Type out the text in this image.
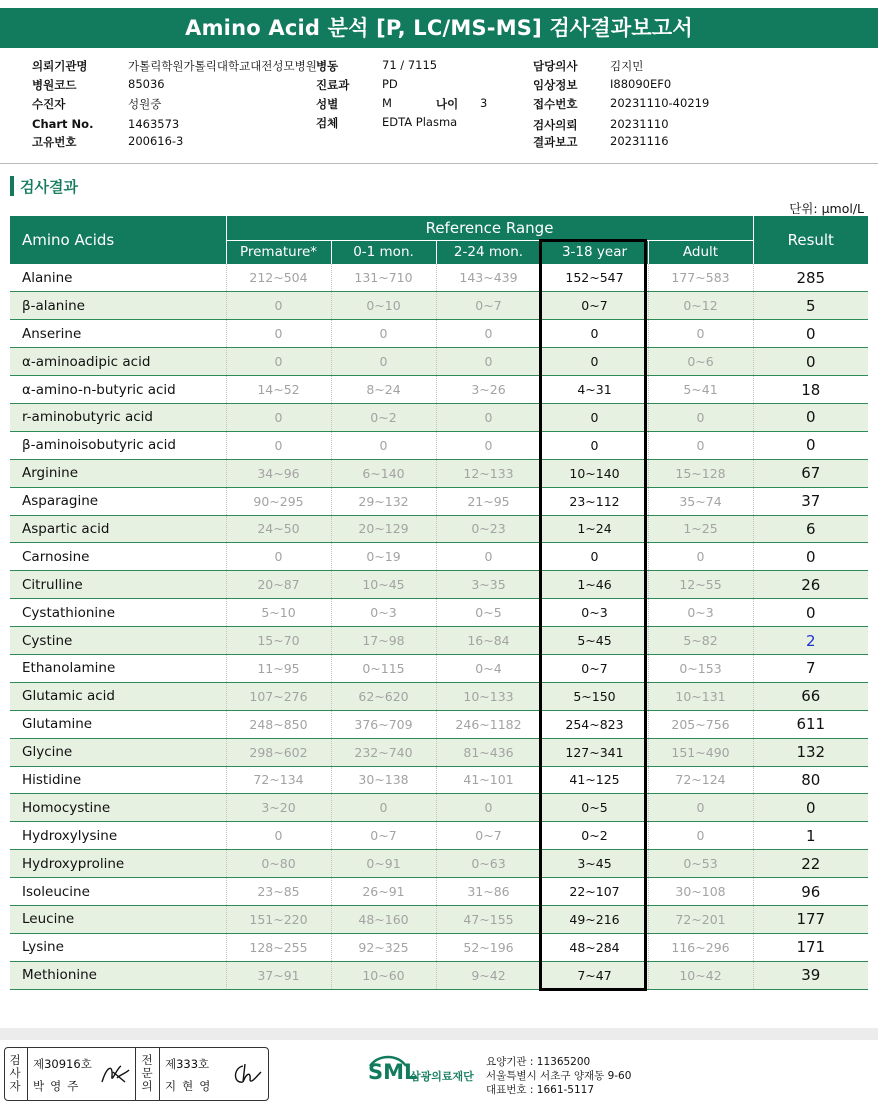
Amino Acid 분석 [P, LC/MS-MS] 검사결과보고서
의뢰기관명	가톨릭학원가톨릭대학교대전성모병원 병동	71 / 7115	담당의사	김지민
병원코드	85036	진료과	PD	임상정보	I88090EF0
수진자	성원중	성별	M	나이 3	접수번호	20231110-40219
Chart No.	1463573	검체	EDTA Plasma	검사의뢰	20231110
고유번호	200616-3	결과보고	20231116
검사결과
단위: μmol/L
Amino Acids	Reference Range					Result
	Premature*	0-1 mon.	2-24 mon.	3-18 year	Adult	
Alanine	212~504	131~710	143~439	152~547	177~583	285
β-alanine	0	0~10	0~7	0~7	0~12	5
Anserine	0	0	0	0	0	0
α-aminoadipic acid	0	0	0	0	0~6	0
α-amino-n-butyric acid	14~52	8~24	3~26	4~31	5~41	18
r-aminobutyric acid	0	0~2	0	0	0	0
β-aminoisobutyric acid	0	0	0	0	0	0
Arginine	34~96	6~140	12~133	10~140	15~128	67
Asparagine	90~295	29~132	21~95	23~112	35~74	37
Aspartic acid	24~50	20~129	0~23	1~24	1~25	6
Carnosine	0	0~19	0	0	0	0
Citrulline	20~87	10~45	3~35	1~46	12~55	26
Cystathionine	5~10	0~3	0~5	0~3	0~3	0
Cystine	15~70	17~98	16~84	5~45	5~82	2
Ethanolamine	11~95	0~115	0~4	0~7	0~153	7
Glutamic acid	107~276	62~620	10~133	5~150	10~131	66
Glutamine	248~850	376~709	246~1182	254~823	205~756	611
Glycine	298~602	232~740	81~436	127~341	151~490	132
Histidine	72~134	30~138	41~101	41~125	72~124	80
Homocystine	3~20	0	0	0~5	0	0
Hydroxylysine	0	0~7	0~7	0~2	0	1
Hydroxyproline	0~80	0~91	0~63	3~45	0~53	22
Isoleucine	23~85	26~91	31~86	22~107	30~108	96
Leucine	151~220	48~160	47~155	49~216	72~201	177
Lysine	128~255	92~325	52~196	48~284	116~296	171
Methionine	37~91	10~60	9~42	7~47	10~42	39
검
사
자
제30916호
박영주
전
문
의
제333호
지현영
SML
삼광의료재단
요양기관 : 11365200
서울특별시 서초구 양재동 9-60
대표번호 : 1661-5117
